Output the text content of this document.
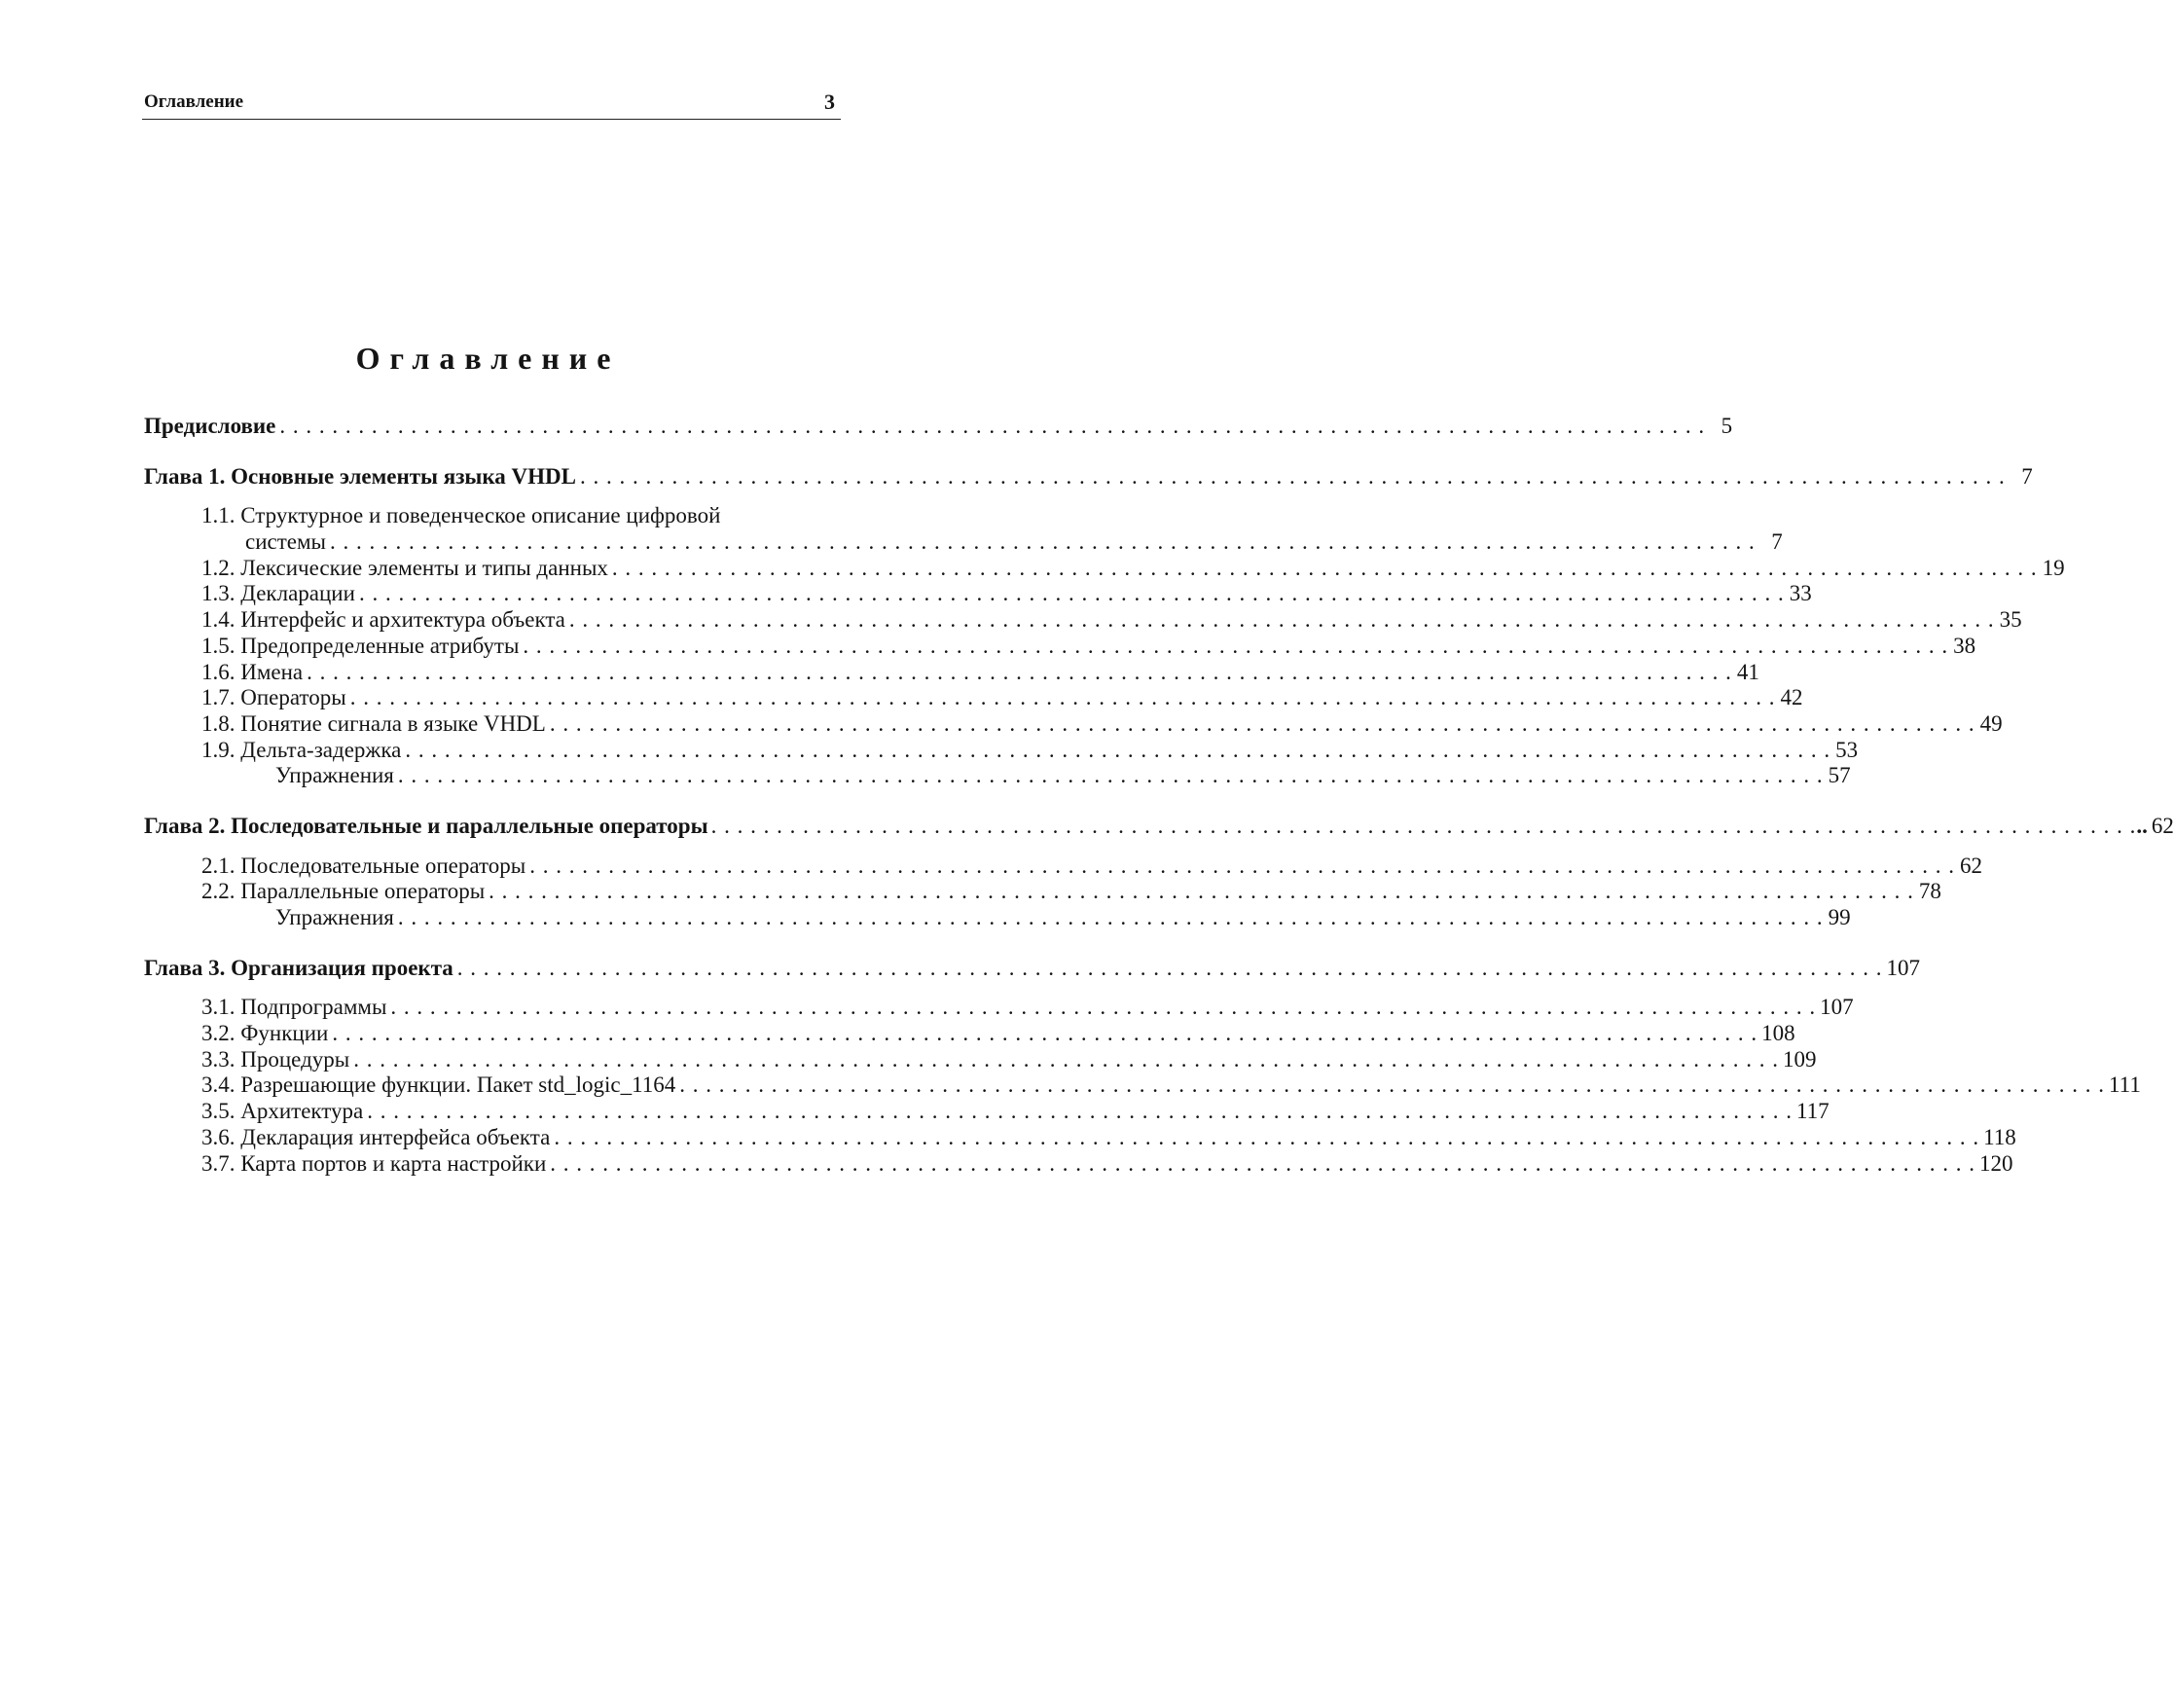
Оглавление	3
Оглавление
Предисловие . . .	5
Глава 1. Основные элементы языка VHDL . . .	7
1.1. Структурное и поведенческое описание цифровой
системы . . .	7
1.2. Лексические элементы и типы данных . . .	19
1.3. Декларации . . .	33
1.4. Интерфейс и архитектура объекта . . .	35
1.5. Предопределенные атрибуты . . .	38
1.6. Имена . . .	41
1.7. Операторы . . .	42
1.8. Понятие сигнала в языке VHDL . . .	49
1.9. Дельта-задержка . . .	53
Упражнения . . .	57
Глава 2. Последовательные и параллельные операторы	. . . .. 62
2.1. Последовательные операторы . . .	62
2.2. Параллельные операторы . . .	78
Упражнения . . .	99
Глава 3. Организация проекта . . .	107
3.1. Подпрограммы . . .	107
3.2. Функции . . .	108
3.3. Процедуры . . .	109
3.4. Разрешающие функции. Пакет std_logic_1164 . . .	111
3.5. Архитектура . . .	117
3.6. Декларация интерфейса объекта . . .	118
3.7. Карта портов и карта настройки . . .	120
